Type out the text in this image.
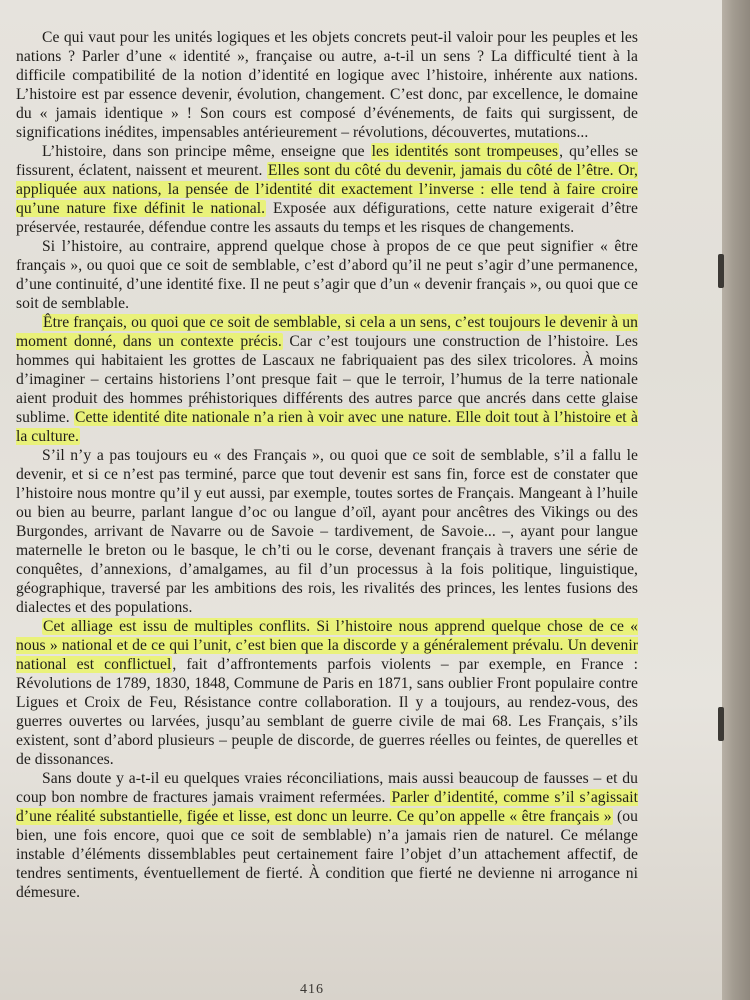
Ce qui vaut pour les unités logiques et les objets concrets peut-il valoir pour les peuples et les nations ? Parler d’une « identité », française ou autre, a-t-il un sens ? La difficulté tient à la difficile compatibilité de la notion d’identité en logique avec l’histoire, inhérente aux nations. L’histoire est par essence devenir, évolution, changement. C’est donc, par excellence, le domaine du « jamais identique » ! Son cours est composé d’événements, de faits qui surgissent, de significations inédites, impensables antérieurement – révolutions, découvertes, mutations...

L’histoire, dans son principe même, enseigne que les identités sont trompeuses, qu’elles se fissurent, éclatent, naissent et meurent. Elles sont du côté du devenir, jamais du côté de l’être. Or, appliquée aux nations, la pensée de l’identité dit exactement l’inverse : elle tend à faire croire qu’une nature fixe définit le national. Exposée aux défigurations, cette nature exigerait d’être préservée, restaurée, défendue contre les assauts du temps et les risques de changements.

Si l’histoire, au contraire, apprend quelque chose à propos de ce que peut signifier « être français », ou quoi que ce soit de semblable, c’est d’abord qu’il ne peut s’agir d’une permanence, d’une continuité, d’une identité fixe. Il ne peut s’agir que d’un « devenir français », ou quoi que ce soit de semblable.

Être français, ou quoi que ce soit de semblable, si cela a un sens, c’est toujours le devenir à un moment donné, dans un contexte précis. Car c’est toujours une construction de l’histoire. Les hommes qui habitaient les grottes de Lascaux ne fabriquaient pas des silex tricolores. À moins d’imaginer – certains historiens l’ont presque fait – que le terroir, l’humus de la terre nationale aient produit des hommes préhistoriques différents des autres parce que ancrés dans cette glaise sublime. Cette identité dite nationale n’a rien à voir avec une nature. Elle doit tout à l’histoire et à la culture.

S’il n’y a pas toujours eu « des Français », ou quoi que ce soit de semblable, s’il a fallu le devenir, et si ce n’est pas terminé, parce que tout devenir est sans fin, force est de constater que l’histoire nous montre qu’il y eut aussi, par exemple, toutes sortes de Français. Mangeant à l’huile ou bien au beurre, parlant langue d’oc ou langue d’oïl, ayant pour ancêtres des Vikings ou des Burgondes, arrivant de Navarre ou de Savoie – tardivement, de Savoie... –, ayant pour langue maternelle le breton ou le basque, le ch’ti ou le corse, devenant français à travers une série de conquêtes, d’annexions, d’amalgames, au fil d’un processus à la fois politique, linguistique, géographique, traversé par les ambitions des rois, les rivalités des princes, les lentes fusions des dialectes et des populations.

Cet alliage est issu de multiples conflits. Si l’histoire nous apprend quelque chose de ce « nous » national et de ce qui l’unit, c’est bien que la discorde y a généralement prévalu. Un devenir national est conflictuel, fait d’affrontements parfois violents – par exemple, en France : Révolutions de 1789, 1830, 1848, Commune de Paris en 1871, sans oublier Front populaire contre Ligues et Croix de Feu, Résistance contre collaboration. Il y a toujours, au rendez-vous, des guerres ouvertes ou larvées, jusqu’au semblant de guerre civile de mai 68. Les Français, s’ils existent, sont d’abord plusieurs – peuple de discorde, de guerres réelles ou feintes, de querelles et de dissonances.

Sans doute y a-t-il eu quelques vraies réconciliations, mais aussi beaucoup de fausses – et du coup bon nombre de fractures jamais vraiment refermées. Parler d’identité, comme s’il s’agissait d’une réalité substantielle, figée et lisse, est donc un leurre. Ce qu’on appelle « être français » (ou bien, une fois encore, quoi que ce soit de semblable) n’a jamais rien de naturel. Ce mélange instable d’éléments dissemblables peut certainement faire l’objet d’un attachement affectif, de tendres sentiments, éventuellement de fierté. À condition que fierté ne devienne ni arrogance ni démesure.

416
